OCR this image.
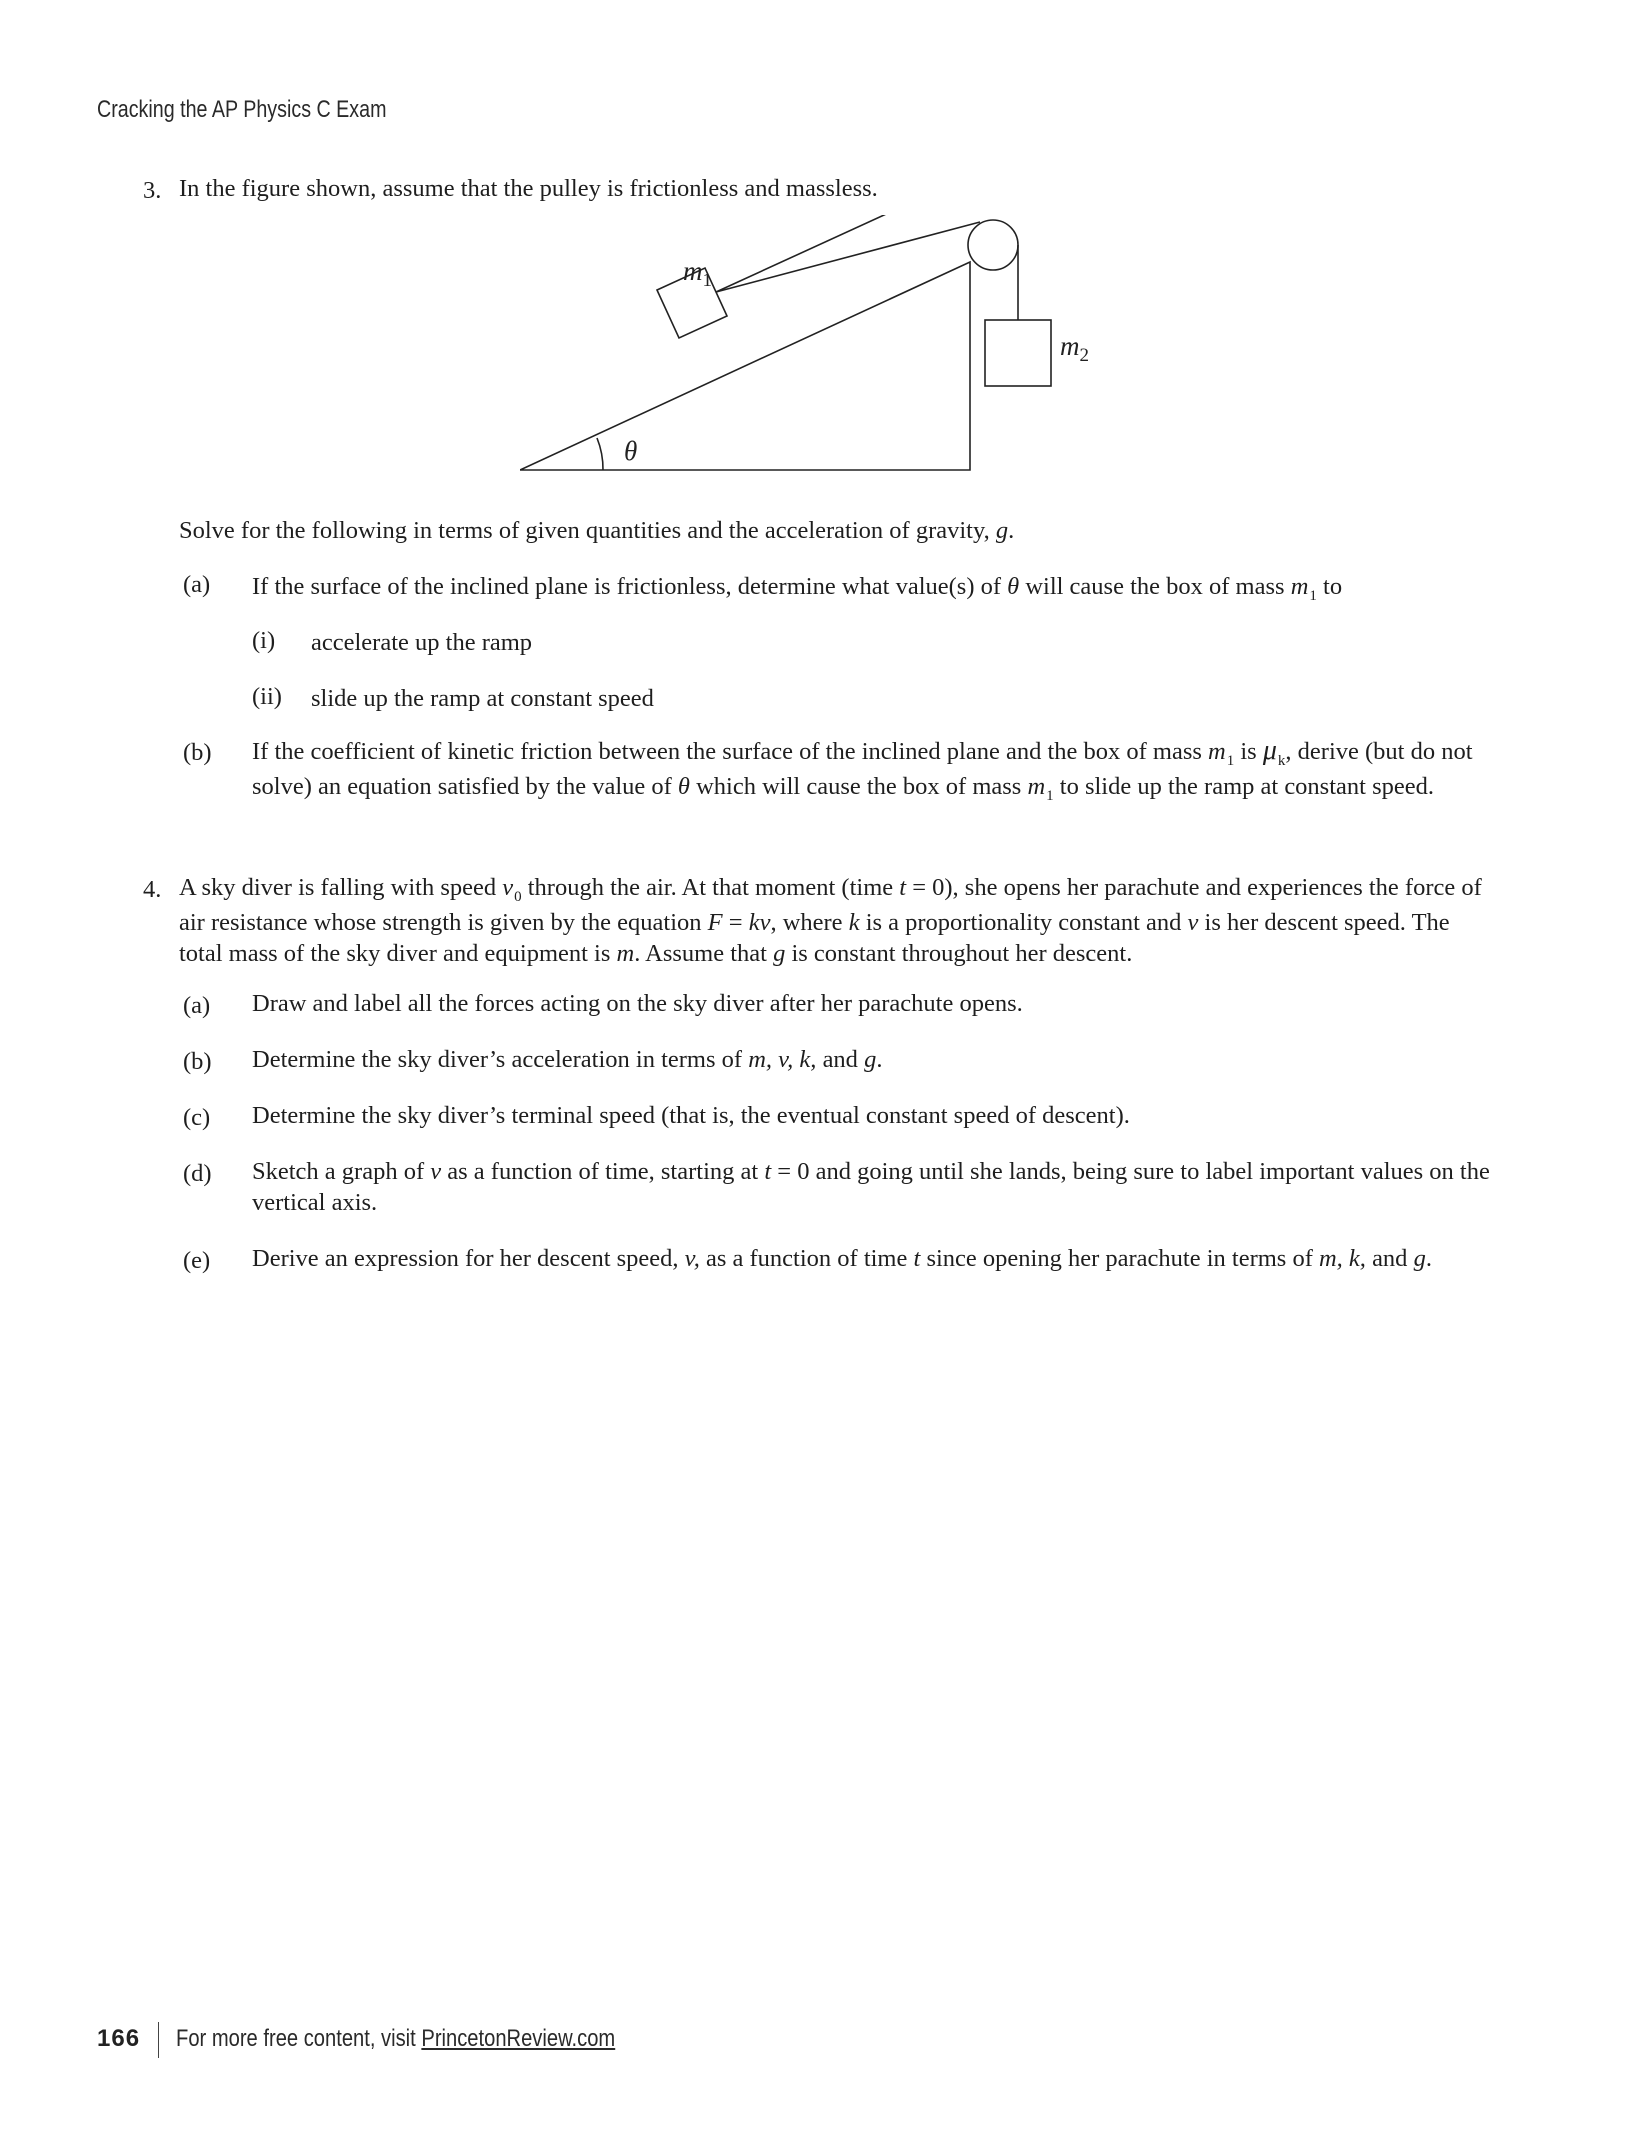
Cracking the AP Physics C Exam
3. In the figure shown, assume that the pulley is frictionless and massless.
$m_1$
$m_2$
θ
Solve for the following in terms of given quantities and the acceleration of gravity, g.
(a) If the surface of the inclined plane is frictionless, determine what value(s) of θ will cause the box of mass $m_1$ to
(i) accelerate up the ramp
(ii) slide up the ramp at constant speed
(b) If the coefficient of kinetic friction between the surface of the inclined plane and the box of mass $m_1$ is $\mu_k$, derive (but do not solve) an equation satisfied by the value of θ which will cause the box of mass $m_1$ to slide up the ramp at constant speed.
4. A sky diver is falling with speed $v_0$ through the air. At that moment (time t = 0), she opens her parachute and experiences the force of air resistance whose strength is given by the equation F = kv, where k is a proportionality constant and v is her descent speed. The total mass of the sky diver and equipment is m. Assume that g is constant throughout her descent.
(a) Draw and label all the forces acting on the sky diver after her parachute opens.
(b) Determine the sky diver’s acceleration in terms of m, v, k, and g.
(c) Determine the sky diver’s terminal speed (that is, the eventual constant speed of descent).
(d) Sketch a graph of v as a function of time, starting at t = 0 and going until she lands, being sure to label important values on the vertical axis.
(e) Derive an expression for her descent speed, v, as a function of time t since opening her parachute in terms of m, k, and g.
166 For more free content, visit PrincetonReview.com
